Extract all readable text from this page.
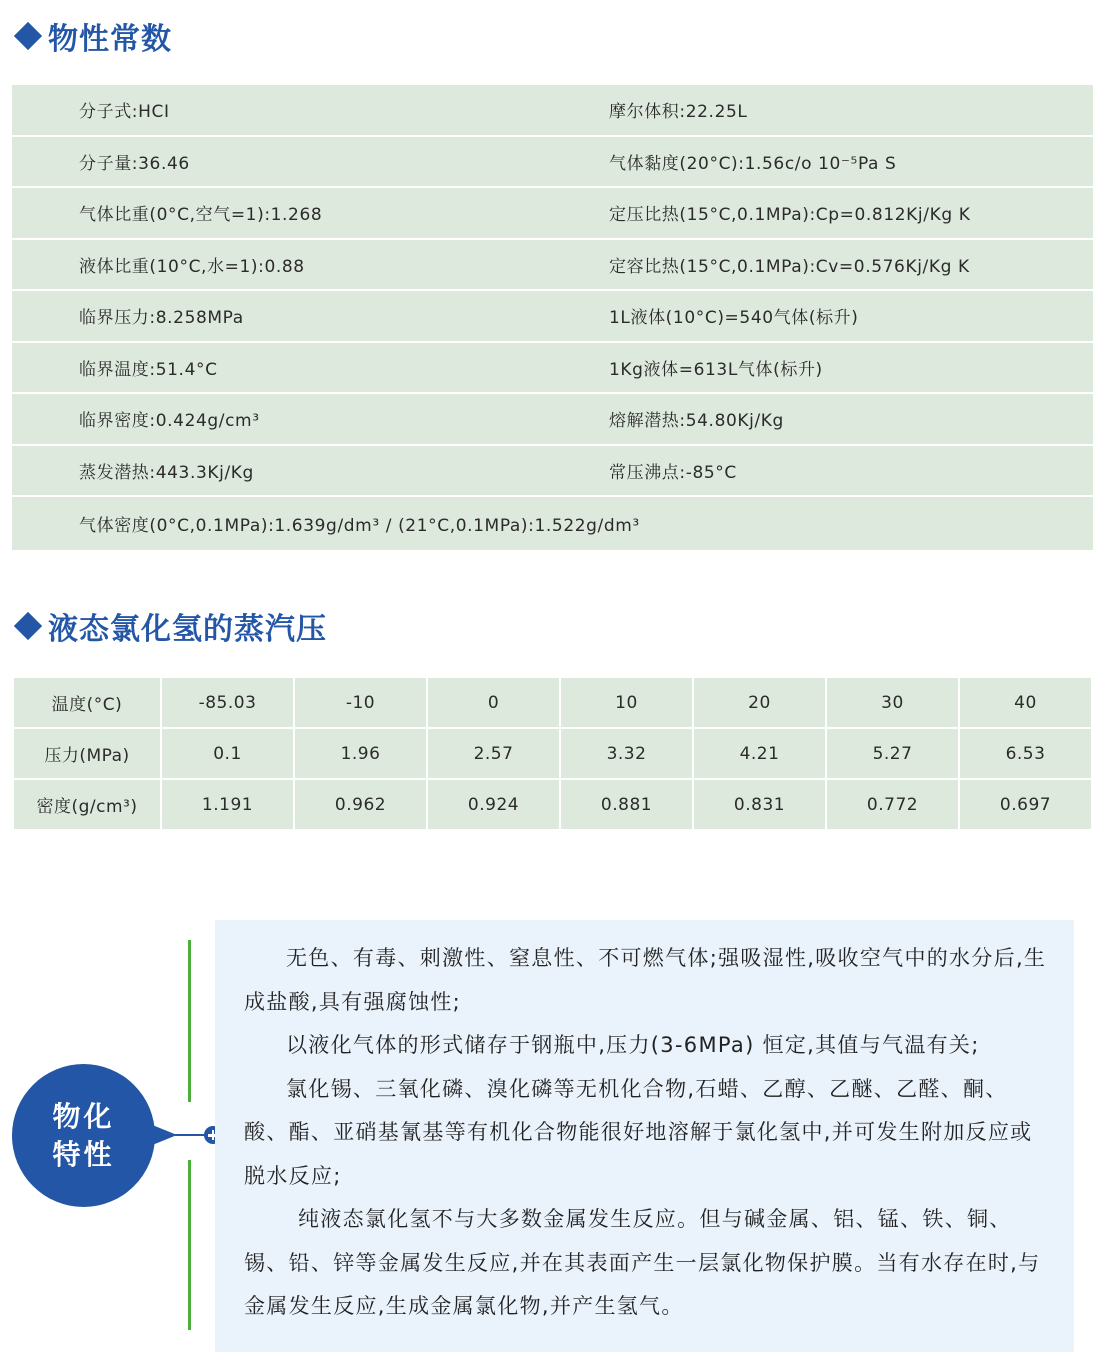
物性常数
分子式:HCI	摩尔体积:22.25L
分子量:36.46	气体黏度(20°C):1.56c/o 10⁻⁵Pa S
气体比重(0°C,空气=1):1.268	定压比热(15°C,0.1MPa):Cp=0.812Kj/Kg K
液体比重(10°C,水=1):0.88	定容比热(15°C,0.1MPa):Cv=0.576Kj/Kg K
临界压力:8.258MPa	1L液体(10°C)=540气体(标升)
临界温度:51.4°C	1Kg液体=613L气体(标升)
临界密度:0.424g/cm³	熔解潜热:54.80Kj/Kg
蒸发潜热:443.3Kj/Kg	常压沸点:-85°C
气体密度(0°C,0.1MPa):1.639g/dm³ / (21°C,0.1MPa):1.522g/dm³
液态氯化氢的蒸汽压
温度(°C)	-85.03	-10	0	10	20	30	40
压力(MPa)	0.1	1.96	2.57	3.32	4.21	5.27	6.53
密度(g/cm³)	1.191	0.962	0.924	0.881	0.831	0.772	0.697
物化
特性

无色、有毒、刺激性、窒息性、不可燃气体;强吸湿性,吸收空气中的水分后,生成盐酸,具有强腐蚀性;

以液化气体的形式储存于钢瓶中,压力(3-6MPa) 恒定,其值与气温有关;

氯化锡、三氧化磷、溴化磷等无机化合物,石蜡、乙醇、乙醚、乙醛、酮、酸、酯、亚硝基氰基等有机化合物能很好地溶解于氯化氢中,并可发生附加反应或脱水反应;

纯液态氯化氢不与大多数金属发生反应。但与碱金属、铝、锰、铁、铜、锡、铅、锌等金属发生反应,并在其表面产生一层氯化物保护膜。当有水存在时,与金属发生反应,生成金属氯化物,并产生氢气。
